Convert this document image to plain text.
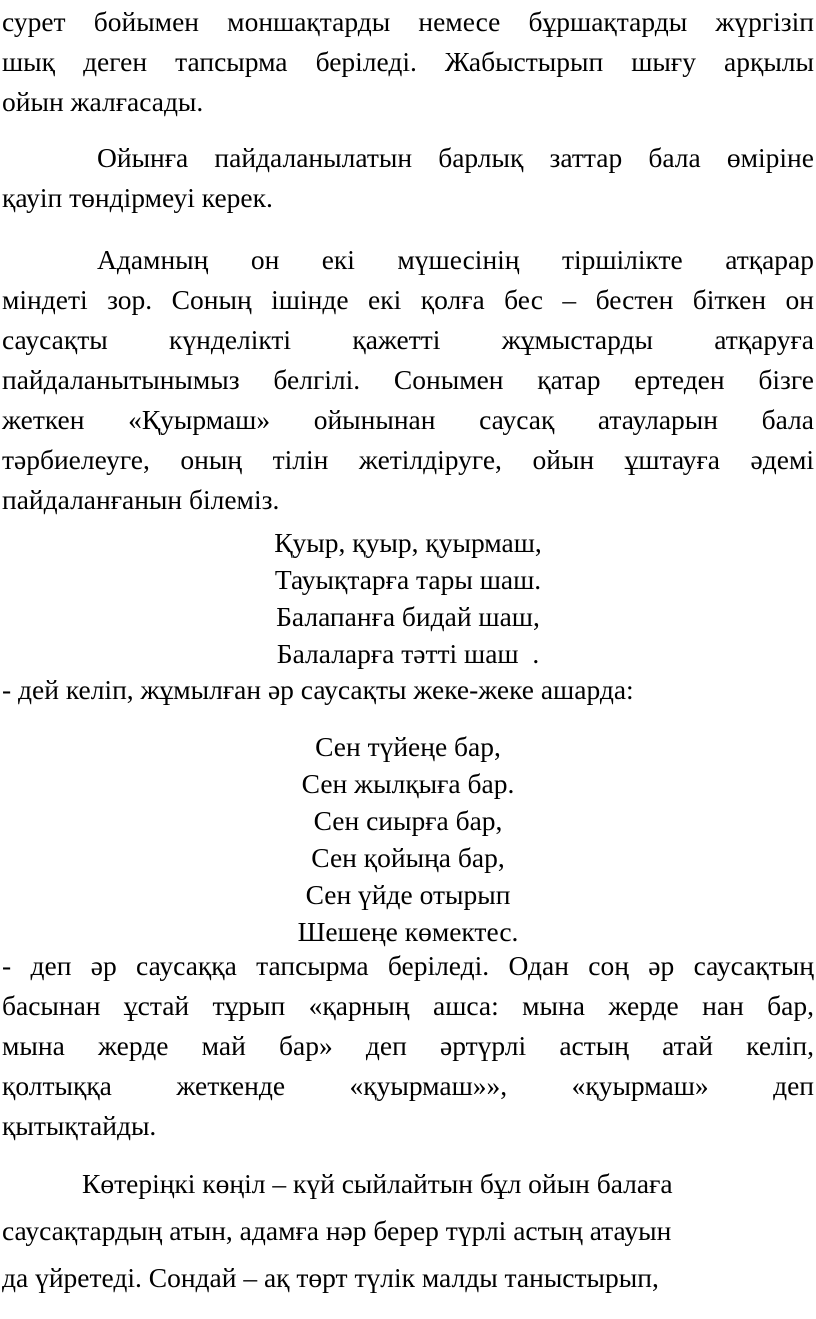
сурет бойымен моншақтарды немесе бұршақтарды жүргізіп
шық деген тапсырма беріледі. Жабыстырып шығу арқылы
ойын жалғасады.
Ойынға пайдаланылатын барлық заттар бала өміріне
қауіп төндірмеуі керек.
Адамның он екі мүшесінің тіршілікте атқарар
міндеті зор. Соның ішінде екі қолға бес – бестен біткен он
саусақты күнделікті қажетті жұмыстарды атқаруға
пайдаланытынымыз белгілі. Сонымен қатар ертеден бізге
жеткен «Қуырмаш» ойынынан саусақ атауларын бала
тәрбиелеуге, оның тілін жетілдіруге, ойын ұштауға әдемі
пайдаланғанын білеміз.
Қуыр, қуыр, қуырмаш,
Тауықтарға тары шаш.
Балапанға бидай шаш,
Балаларға тәтті шаш  .
- дей келіп, жұмылған әр саусақты жеке-жеке ашарда:
Сен түйеңе бар,
Сен жылқыға бар.
Сен сиырға бар,
Сен қойыңа бар,
Сен үйде отырып
Шешеңе көмектес.
- деп әр саусаққа тапсырма беріледі. Одан соң әр саусақтың
басынан ұстай тұрып «қарның ашса: мына жерде нан бар,
мына жерде май бар» деп әртүрлі астың атай келіп,
қолтыққа жеткенде «қуырмаш»», «қуырмаш» деп
қытықтайды.
Көтеріңкі көңіл – күй сыйлайтын бұл ойын балаға
саусақтардың атын, адамға нәр берер түрлі астың атауын
да үйретеді. Сондай – ақ төрт түлік малды таныстырып,
